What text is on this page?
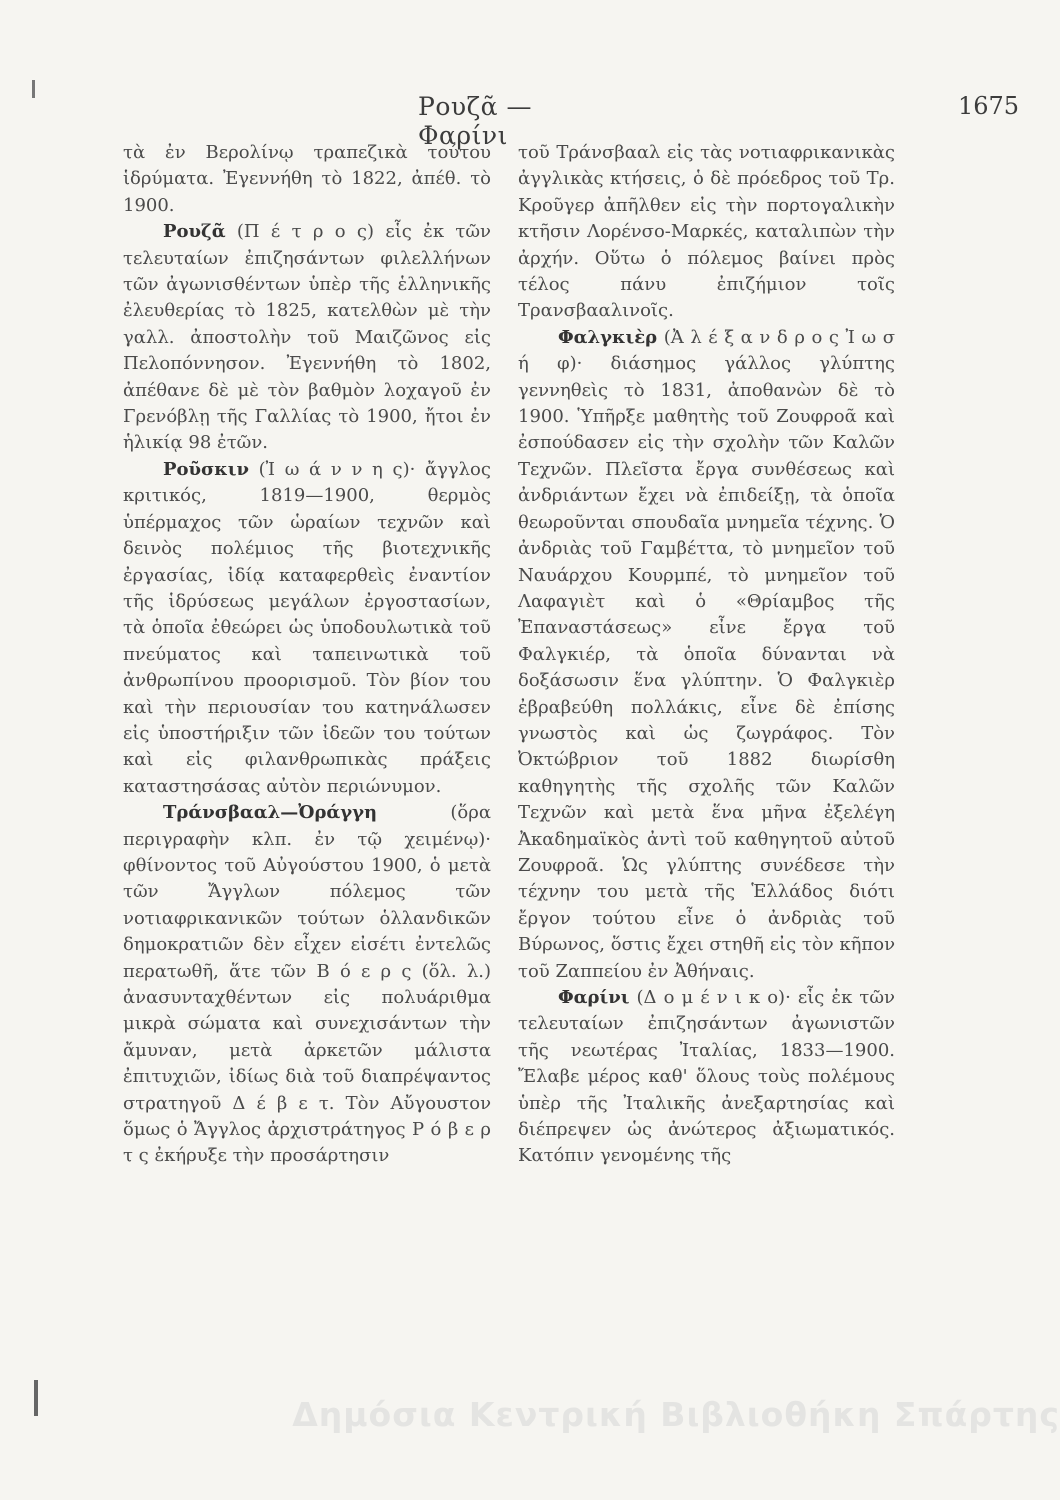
Ρουζᾶ — Φαρίνι
1675

τὰ ἐν Βερολίνῳ τραπεζικὰ τούτου ἱδρύματα. Ἐγεννήθη τὸ 1822, ἀπέθ. τὸ 1900.

Ρουζᾶ (Π έ τ ρ ο ς) εἷς ἐκ τῶν τελευταίων ἐπιζησάντων φιλελλήνων τῶν ἀγωνισθέντων ὑπὲρ τῆς ἑλληνικῆς ἐλευθερίας τὸ 1825, κατελθὼν μὲ τὴν γαλλ. ἀποστολὴν τοῦ Μαιζῶνος εἰς Πελοπόννησον. Ἐγεννήθη τὸ 1802, ἀπέθανε δὲ μὲ τὸν βαθμὸν λοχαγοῦ ἐν Γρενόβλῃ τῆς Γαλλίας τὸ 1900, ἤτοι ἐν ἡλικίᾳ 98 ἐτῶν.

Ροῦσκιν (Ἰ ω ά ν ν η ς)· ἄγγλος κριτικός, 1819—1900, θερμὸς ὑπέρμαχος τῶν ὡραίων τεχνῶν καὶ δεινὸς πολέμιος τῆς βιοτεχνικῆς ἐργασίας, ἰδίᾳ καταφερθεὶς ἐναντίον τῆς ἱδρύσεως μεγάλων ἐργοστασίων, τὰ ὁποῖα ἐθεώρει ὡς ὑποδουλωτικὰ τοῦ πνεύματος καὶ ταπεινωτικὰ τοῦ ἀνθρωπίνου προορισμοῦ. Τὸν βίον του καὶ τὴν περιουσίαν του κατηνάλωσεν εἰς ὑποστήριξιν τῶν ἰδεῶν του τούτων καὶ εἰς φιλανθρωπικὰς πράξεις καταστησάσας αὐτὸν περιώνυμον.

Τράνσβααλ—Ὀράγγη (ὅρα περιγραφὴν κλπ. ἐν τῷ χειμένῳ)· φθίνοντος τοῦ Αὐγούστου 1900, ὁ μετὰ τῶν Ἄγγλων πόλεμος τῶν νοτιαφρικανικῶν τούτων ὁλλανδικῶν δημοκρατιῶν δὲν εἶχεν εἰσέτι ἐντελῶς περατωθῆ, ἅτε τῶν Β ό ε ρ ς (ὅλ. λ.) ἀνασυνταχθέντων εἰς πολυάριθμα μικρὰ σώματα καὶ συνεχισάντων τὴν ἄμυναν, μετὰ ἀρκετῶν μάλιστα ἐπιτυχιῶν, ἰδίως διὰ τοῦ διαπρέψαντος στρατηγοῦ Δ έ β ε τ. Τὸν Αὔγουστον ὅμως ὁ Ἄγγλος ἀρχιστράτηγος Ρ ό β ε ρ τ ς ἐκήρυξε τὴν προσάρτησιν

τοῦ Τράνσβααλ εἰς τὰς νοτιαφρικανικὰς ἀγγλικὰς κτήσεις, ὁ δὲ πρόεδρος τοῦ Τρ. Κροῦγερ ἀπῆλθεν εἰς τὴν πορτογαλικὴν κτῆσιν Λορένσο-Μαρκές, καταλιπὼν τὴν ἀρχήν. Οὕτω ὁ πόλεμος βαίνει πρὸς τέλος πάνυ ἐπιζήμιον τοῖς Τρανσβααλινοῖς.

Φαλγκιὲρ (Ἀ λ έ ξ α ν δ ρ ο ς Ἰ ω σ ή φ)· διάσημος γάλλος γλύπτης γεννηθεὶς τὸ 1831, ἀποθανὼν δὲ τὸ 1900. Ὑπῆρξε μαθητὴς τοῦ Ζουφροᾶ καὶ ἐσπούδασεν εἰς τὴν σχολὴν τῶν Καλῶν Τεχνῶν. Πλεῖστα ἔργα συνθέσεως καὶ ἀνδριάντων ἔχει νὰ ἐπιδείξῃ, τὰ ὁποῖα θεωροῦνται σπουδαῖα μνημεῖα τέχνης. Ὁ ἀνδριὰς τοῦ Γαμβέττα, τὸ μνημεῖον τοῦ Ναυάρχου Κουρμπέ, τὸ μνημεῖον τοῦ Λαφαγιὲτ καὶ ὁ «Θρίαμβος τῆς Ἐπαναστάσεως» εἶνε ἔργα τοῦ Φαλγκιέρ, τὰ ὁποῖα δύνανται νὰ δοξάσωσιν ἕνα γλύπτην. Ὁ Φαλγκιὲρ ἐβραβεύθη πολλάκις, εἶνε δὲ ἐπίσης γνωστὸς καὶ ὡς ζωγράφος. Τὸν Ὀκτώβριον τοῦ 1882 διωρίσθη καθηγητὴς τῆς σχολῆς τῶν Καλῶν Τεχνῶν καὶ μετὰ ἕνα μῆνα ἐξελέγη Ἀκαδημαϊκὸς ἀντὶ τοῦ καθηγητοῦ αὐτοῦ Ζουφροᾶ. Ὡς γλύπτης συνέδεσε τὴν τέχνην του μετὰ τῆς Ἑλλάδος διότι ἔργον τούτου εἶνε ὁ ἀνδριὰς τοῦ Βύρωνος, ὅστις ἔχει στηθῆ εἰς τὸν κῆπον τοῦ Ζαππείου ἐν Ἀθήναις.

Φαρίνι (Δ ο μ έ ν ι κ ο)· εἷς ἐκ τῶν τελευταίων ἐπιζησάντων ἀγωνιστῶν τῆς νεωτέρας Ἰταλίας, 1833—1900. Ἔλαβε μέρος καθ' ὅλους τοὺς πολέμους ὑπὲρ τῆς Ἰταλικῆς ἀνεξαρτησίας καὶ διέπρεψεν ὡς ἀνώτερος ἀξιωματικός. Κατόπιν γενομένης τῆς

Δημόσια Κεντρική Βιβλιοθήκη Σπάρτης
